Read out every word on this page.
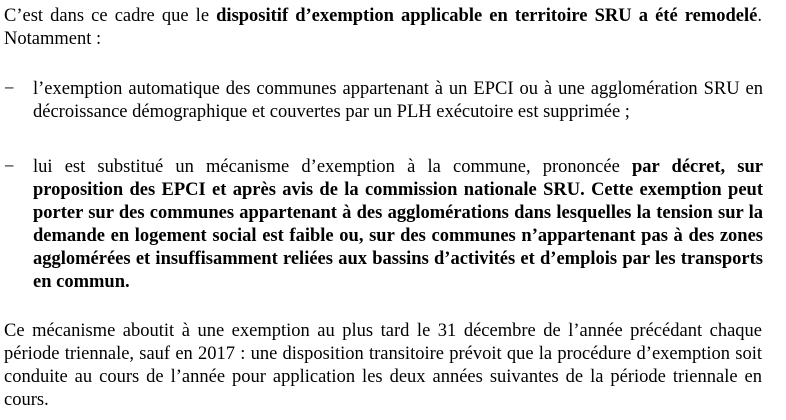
C’est dans ce cadre que le dispositif d’exemption applicable en territoire SRU a été remodelé. Notamment :

− l’exemption automatique des communes appartenant à un EPCI ou à une agglomération SRU en décroissance démographique et couvertes par un PLH exécutoire est supprimée ;

− lui est substitué un mécanisme d’exemption à la commune, prononcée par décret, sur proposition des EPCI et après avis de la commission nationale SRU. Cette exemption peut porter sur des communes appartenant à des agglomérations dans lesquelles la tension sur la demande en logement social est faible ou, sur des communes n’appartenant pas à des zones agglomérées et insuffisamment reliées aux bassins d’activités et d’emplois par les transports en commun.

Ce mécanisme aboutit à une exemption au plus tard le 31 décembre de l’année précédant chaque période triennale, sauf en 2017 : une disposition transitoire prévoit que la procédure d’exemption soit conduite au cours de l’année pour application les deux années suivantes de la période triennale en cours.
